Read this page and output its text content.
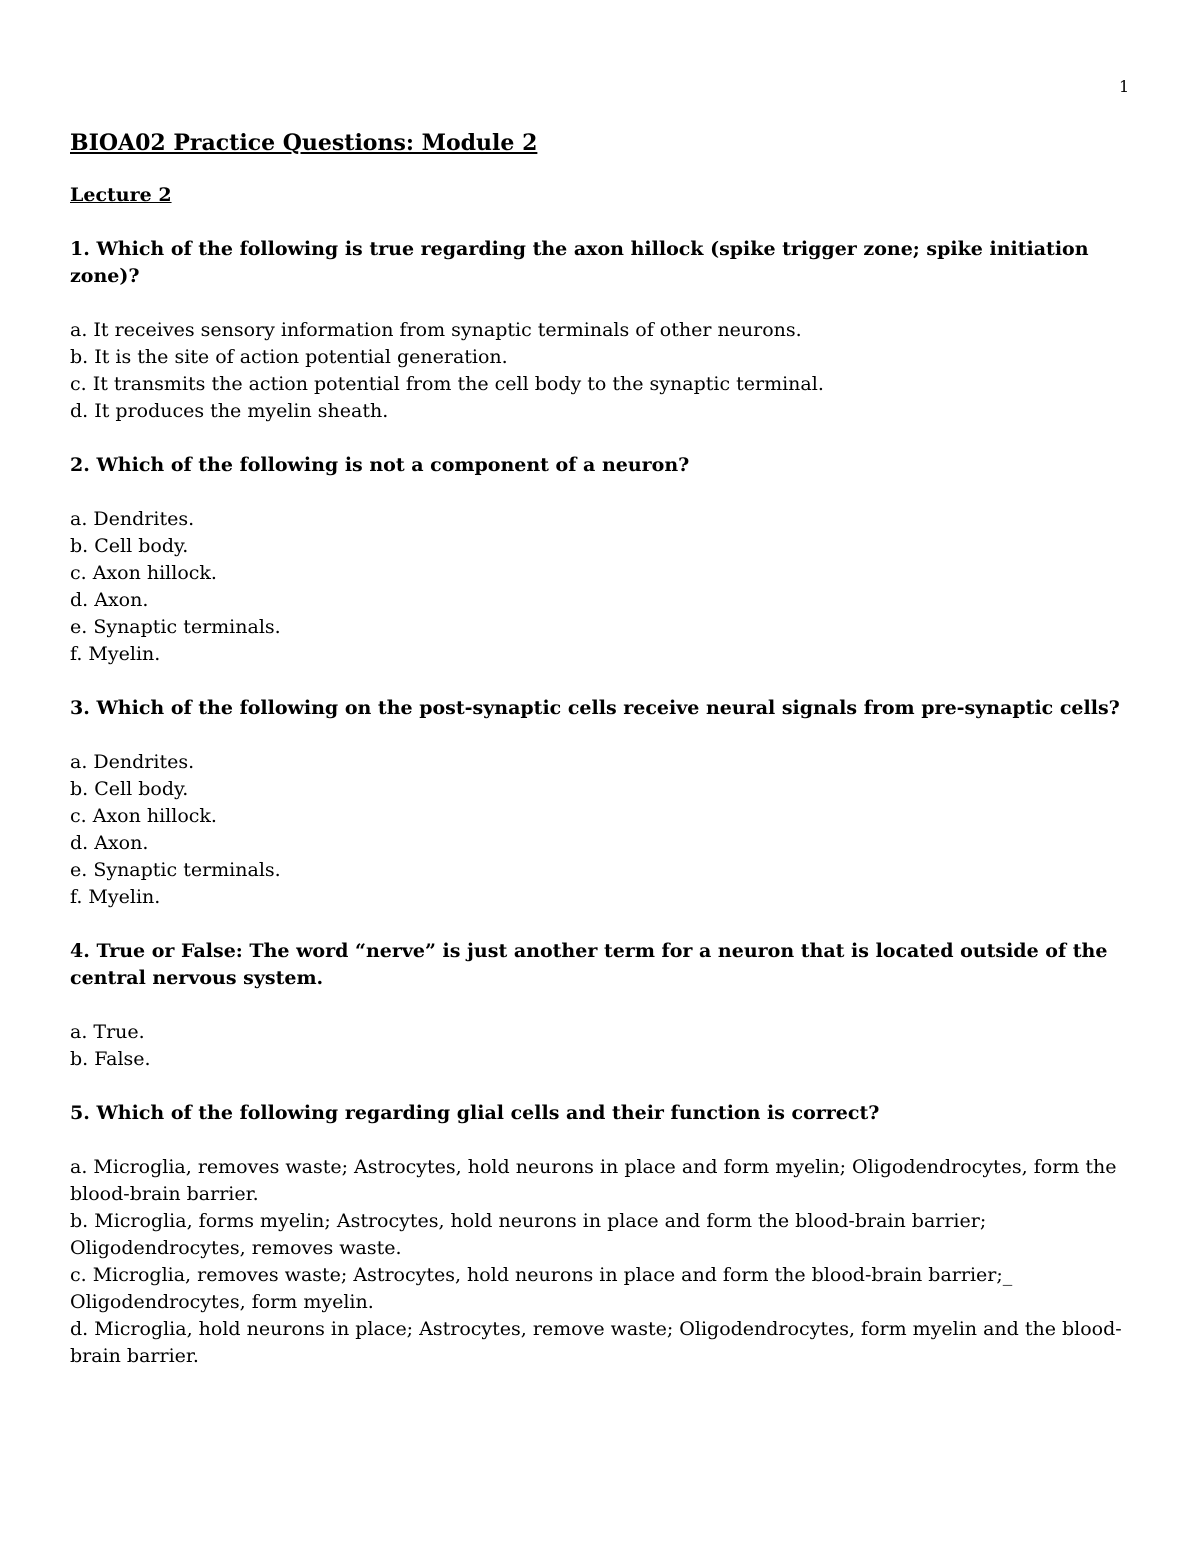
1
BIOA02 Practice Questions: Module 2
Lecture 2
1. Which of the following is true regarding the axon hillock (spike trigger zone; spike initiation zone)?
a. It receives sensory information from synaptic terminals of other neurons.
b. It is the site of action potential generation.
c. It transmits the action potential from the cell body to the synaptic terminal.
d. It produces the myelin sheath.
2. Which of the following is not a component of a neuron?
a. Dendrites.
b. Cell body.
c. Axon hillock.
d. Axon.
e. Synaptic terminals.
f. Myelin.
3. Which of the following on the post-synaptic cells receive neural signals from pre-synaptic cells?
a. Dendrites.
b. Cell body.
c. Axon hillock.
d. Axon.
e. Synaptic terminals.
f. Myelin.
4. True or False: The word “nerve” is just another term for a neuron that is located outside of the central nervous system.
a. True.
b. False.
5. Which of the following regarding glial cells and their function is correct?
a. Microglia, removes waste; Astrocytes, hold neurons in place and form myelin; Oligodendrocytes, form the blood-brain barrier.
b. Microglia, forms myelin; Astrocytes, hold neurons in place and form the blood-brain barrier; Oligodendrocytes, removes waste.
c. Microglia, removes waste; Astrocytes, hold neurons in place and form the blood-brain barrier;_ Oligodendrocytes, form myelin.
d. Microglia, hold neurons in place; Astrocytes, remove waste; Oligodendrocytes, form myelin and the blood-brain barrier.
